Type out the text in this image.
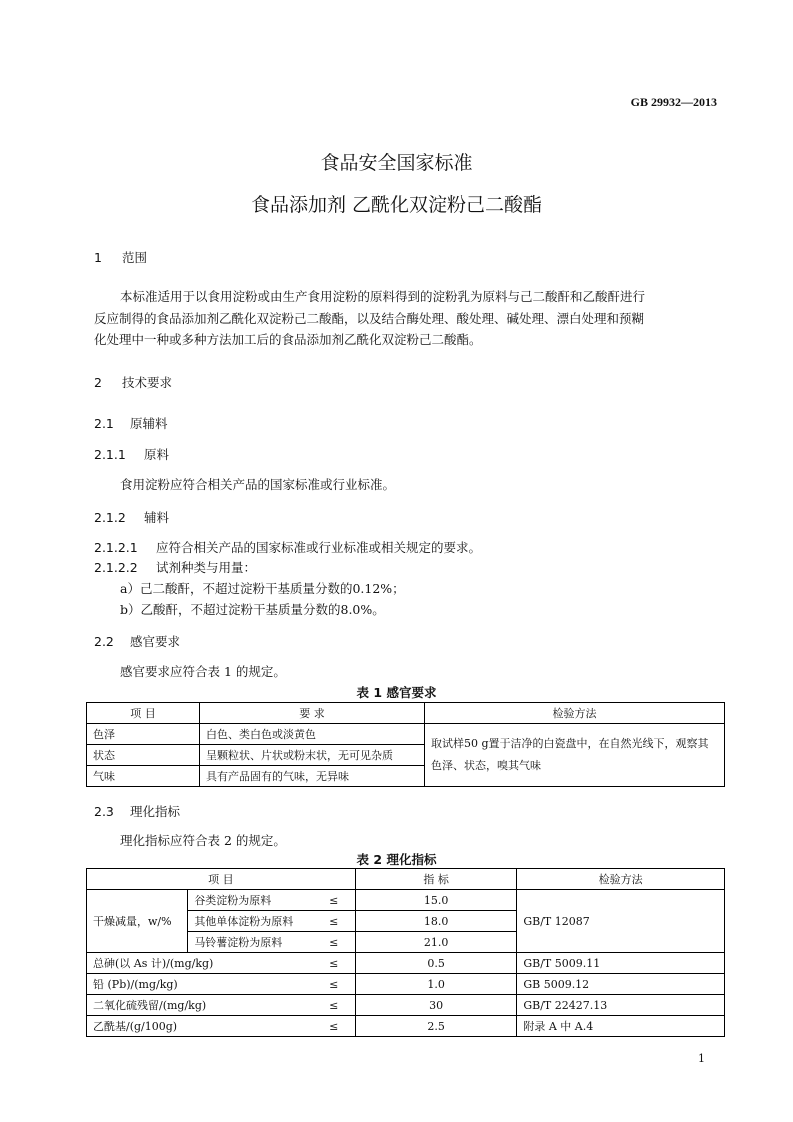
GB 29932—2013
食品安全国家标准
食品添加剂 乙酰化双淀粉己二酸酯
1 范围
本标准适用于以食用淀粉或由生产食用淀粉的原料得到的淀粉乳为原料与己二酸酐和乙酸酐进行
反应制得的食品添加剂乙酰化双淀粉己二酸酯，以及结合酶处理、酸处理、碱处理、漂白处理和预糊
化处理中一种或多种方法加工后的食品添加剂乙酰化双淀粉己二酸酯。
2 技术要求
2.1 原辅料
2.1.1 原料
食用淀粉应符合相关产品的国家标准或行业标准。
2.1.2 辅料
2.1.2.1 应符合相关产品的国家标准或行业标准或相关规定的要求。
2.1.2.2 试剂种类与用量：
a）己二酸酐，不超过淀粉干基质量分数的0.12%；
b）乙酸酐，不超过淀粉干基质量分数的8.0%。
2.2 感官要求
感官要求应符合表 1 的规定。
表 1 感官要求
项 目	要 求	检验方法
色泽	白色、类白色或淡黄色	取试样50 g置于洁净的白瓷盘中，在自然光线下，观察其色泽、状态，嗅其气味
状态	呈颗粒状、片状或粉末状，无可见杂质	
气味	具有产品固有的气味，无异味	
2.3 理化指标
理化指标应符合表 2 的规定。
表 2 理化指标
项 目			指 标	检验方法
干燥减量，w/%	谷类淀粉为原料	≤	15.0	GB/T 12087
	其他单体淀粉为原料	≤	18.0	
	马铃薯淀粉为原料	≤	21.0	
总砷(以 As 计)/(mg/kg)		≤	0.5	GB/T 5009.11
铅 (Pb)/(mg/kg)		≤	1.0	GB 5009.12
二氧化硫残留/(mg/kg)		≤	30	GB/T 22427.13
乙酰基/(g/100g)		≤	2.5	附录 A 中 A.4
1
